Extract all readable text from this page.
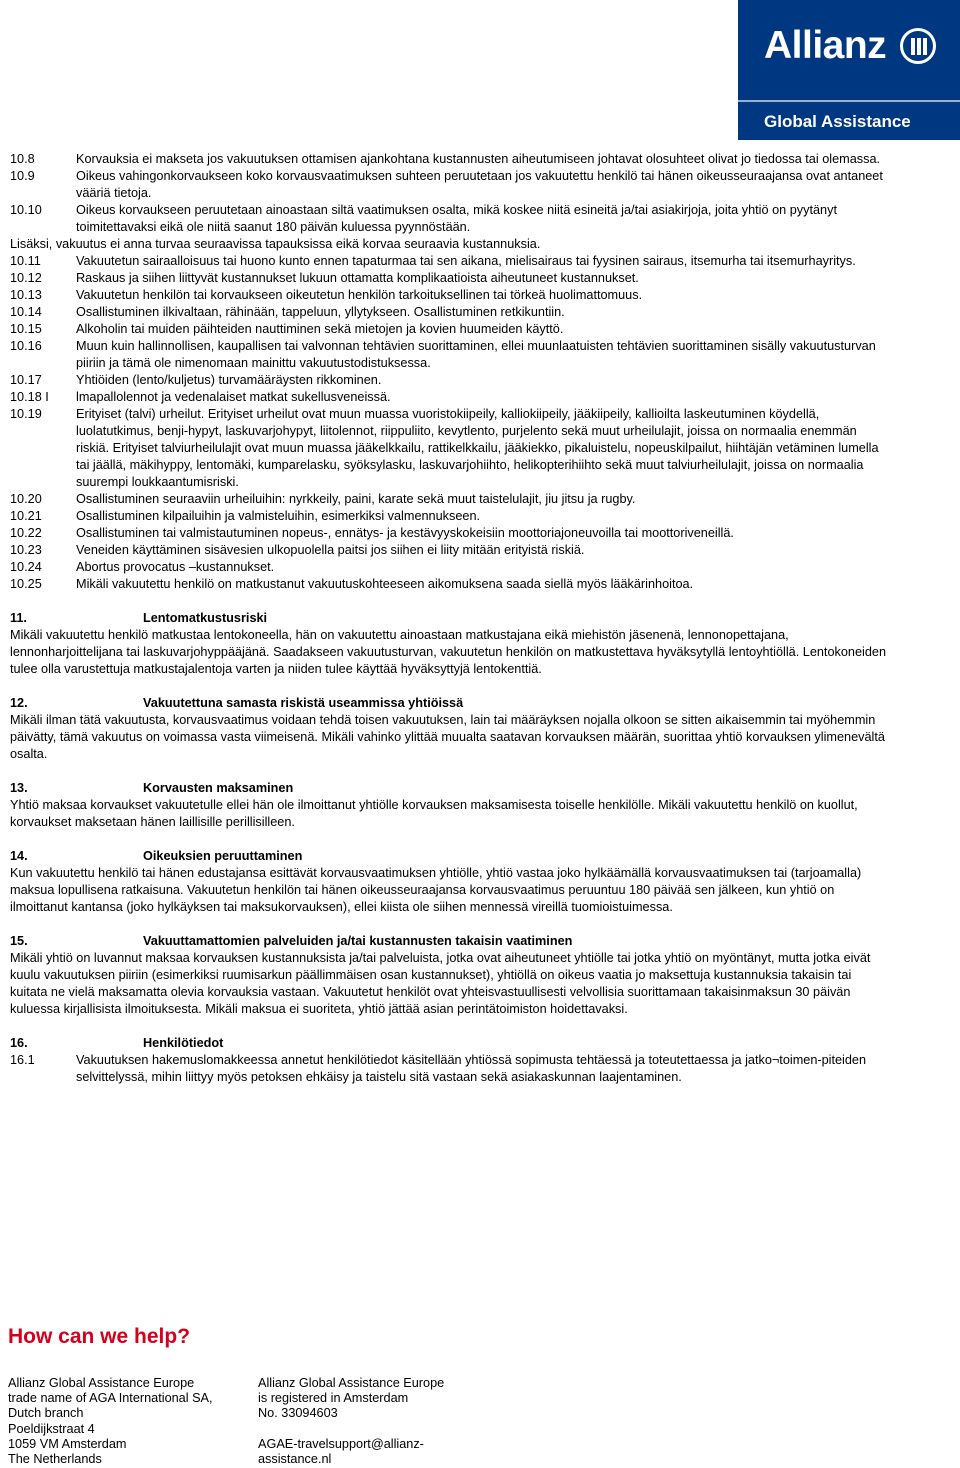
Allianz
Global Assistance
10.8	Korvauksia ei makseta jos vakuutuksen ottamisen ajankohtana kustannusten aiheutumiseen johtavat olosuhteet olivat jo tiedossa tai olemassa.
10.9	Oikeus vahingonkorvaukseen koko korvausvaatimuksen suhteen peruutetaan jos vakuutettu henkilö tai hänen oikeusseuraajansa ovat antaneet vääriä tietoja.
10.10	Oikeus korvaukseen peruutetaan ainoastaan siltä vaatimuksen osalta, mikä koskee niitä esineitä ja/tai asiakirjoja, joita yhtiö on pyytänyt toimitettavaksi eikä ole niitä saanut 180 päivän kuluessa pyynnöstään.

Lisäksi, vakuutus ei anna turvaa seuraavissa tapauksissa eikä korvaa seuraavia kustannuksia.

10.11	Vakuutetun sairaalloisuus tai huono kunto ennen tapaturmaa tai sen aikana, mielisairaus tai fyysinen sairaus, itsemurha tai itsemurhayritys.
10.12	Raskaus ja siihen liittyvät kustannukset lukuun ottamatta komplikaatioista aiheutuneet kustannukset.
10.13	Vakuutetun henkilön tai korvaukseen oikeutetun henkilön tarkoituksellinen tai törkeä huolimattomuus.
10.14	Osallistuminen ilkivaltaan, rähinään, tappeluun, yllytykseen. Osallistuminen retkikuntiin.
10.15	Alkoholin tai muiden päihteiden nauttiminen sekä mietojen ja kovien huumeiden käyttö.
10.16	Muun kuin hallinnollisen, kaupallisen tai valvonnan tehtävien suorittaminen, ellei muunlaatuisten tehtävien suorittaminen sisälly vakuutusturvan piiriin ja tämä ole nimenomaan mainittu vakuutustodistuksessa.
10.17	Yhtiöiden (lento/kuljetus) turvamääräysten rikkominen.
10.18 I	lmapallolennot ja vedenalaiset matkat sukellusveneissä.
10.19	Erityiset (talvi) urheilut. Erityiset urheilut ovat muun muassa vuoristokiipeily, kalliokiipeily, jääkiipeily, kallioilta laskeutuminen köydellä, luolatutkimus, benji-hypyt, laskuvarjohypyt, liitolennot, riippuliito, kevytlento, purjelento sekä muut urheilulajit, joissa on normaalia enemmän riskiä. Erityiset talviurheilulajit ovat muun muassa jääkelkkailu, rattikelkkailu, jääkiekko, pikaluistelu, nopeuskilpailut, hiihtäjän vetäminen lumella tai jäällä, mäkihyppy, lentomäki, kumparelasku, syöksylasku, laskuvarjohiihto, helikopterihiihto sekä muut talviurheilulajit, joissa on normaalia suurempi loukkaantumisriski.
10.20	Osallistuminen seuraaviin urheiluihin: nyrkkeily, paini, karate sekä muut taistelulajit, jiu jitsu ja rugby.
10.21	Osallistuminen kilpailuihin ja valmisteluihin, esimerkiksi valmennukseen.
10.22	Osallistuminen tai valmistautuminen nopeus-, ennätys- ja kestävyyskokeisiin moottoriajoneuvoilla tai moottoriveneillä.
10.23	Veneiden käyttäminen sisävesien ulkopuolella paitsi jos siihen ei liity mitään erityistä riskiä.
10.24	Abortus provocatus –kustannukset.
10.25	Mikäli vakuutettu henkilö on matkustanut vakuutuskohteeseen aikomuksena saada siellä myös lääkärinhoitoa.
11.	Lentomatkustusriski

Mikäli vakuutettu henkilö matkustaa lentokoneella, hän on vakuutettu ainoastaan matkustajana eikä miehistön jäsenenä, lennonopettajana, lennonharjoittelijana tai laskuvarjohyppääjänä. Saadakseen vakuutusturvan, vakuutetun henkilön on matkustettava hyväksytyllä lentoyhtiöllä. Lentokoneiden tulee olla varustettuja matkustajalentoja varten ja niiden tulee käyttää hyväksyttyjä lentokenttiä.

12.	Vakuutettuna samasta riskistä useammissa yhtiöissä

Mikäli ilman tätä vakuutusta, korvausvaatimus voidaan tehdä toisen vakuutuksen, lain tai määräyksen nojalla olkoon se sitten aikaisemmin tai myöhemmin päivätty, tämä vakuutus on voimassa vasta viimeisenä. Mikäli vahinko ylittää muualta saatavan korvauksen määrän, suorittaa yhtiö korvauksen ylimenevältä osalta.

13.	Korvausten maksaminen

Yhtiö maksaa korvaukset vakuutetulle ellei hän ole ilmoittanut yhtiölle korvauksen maksamisesta toiselle henkilölle. Mikäli vakuutettu henkilö on kuollut, korvaukset maksetaan hänen laillisille perillisilleen.

14.	Oikeuksien peruuttaminen

Kun vakuutettu henkilö tai hänen edustajansa esittävät korvausvaatimuksen yhtiölle, yhtiö vastaa joko hylkäämällä korvausvaatimuksen tai (tarjoamalla) maksua lopullisena ratkaisuna. Vakuutetun henkilön tai hänen oikeusseuraajansa korvausvaatimus peruuntuu 180 päivää sen jälkeen, kun yhtiö on ilmoittanut kantansa (joko hylkäyksen tai maksukorvauksen), ellei kiista ole siihen mennessä vireillä tuomioistuimessa.

15.	Vakuuttamattomien palveluiden ja/tai kustannusten takaisin vaatiminen

Mikäli yhtiö on luvannut maksaa korvauksen kustannuksista ja/tai palveluista, jotka ovat aiheutuneet yhtiölle tai jotka yhtiö on myöntänyt, mutta jotka eivät kuulu vakuutuksen piiriin (esimerkiksi ruumisarkun päällimmäisen osan kustannukset), yhtiöllä on oikeus vaatia jo maksettuja kustannuksia takaisin tai kuitata ne vielä maksamatta olevia korvauksia vastaan. Vakuutetut henkilöt ovat yhteisvastuullisesti velvollisia suorittamaan takaisinmaksun 30 päivän kuluessa kirjallisista ilmoituksesta. Mikäli maksua ei suoriteta, yhtiö jättää asian perintätoimiston hoidettavaksi.

16.	Henkilötiedot
16.1	Vakuutuksen hakemuslomakkeessa annetut henkilötiedot käsitellään yhtiössä sopimusta tehtäessä ja toteutettaessa ja jatko¬toimen-piteiden selvittelyssä, mihin liittyy myös petoksen ehkäisy ja taistelu sitä vastaan sekä asiakaskunnan laajentaminen.
How can we help?
Allianz Global Assistance Europe
trade name of AGA International SA,
Dutch branch
Poeldijkstraat 4
1059 VM Amsterdam
The Netherlands
Allianz Global Assistance Europe
is registered in Amsterdam
No. 33094603
AGAE-travelsupport@allianz-
assistance.nl
